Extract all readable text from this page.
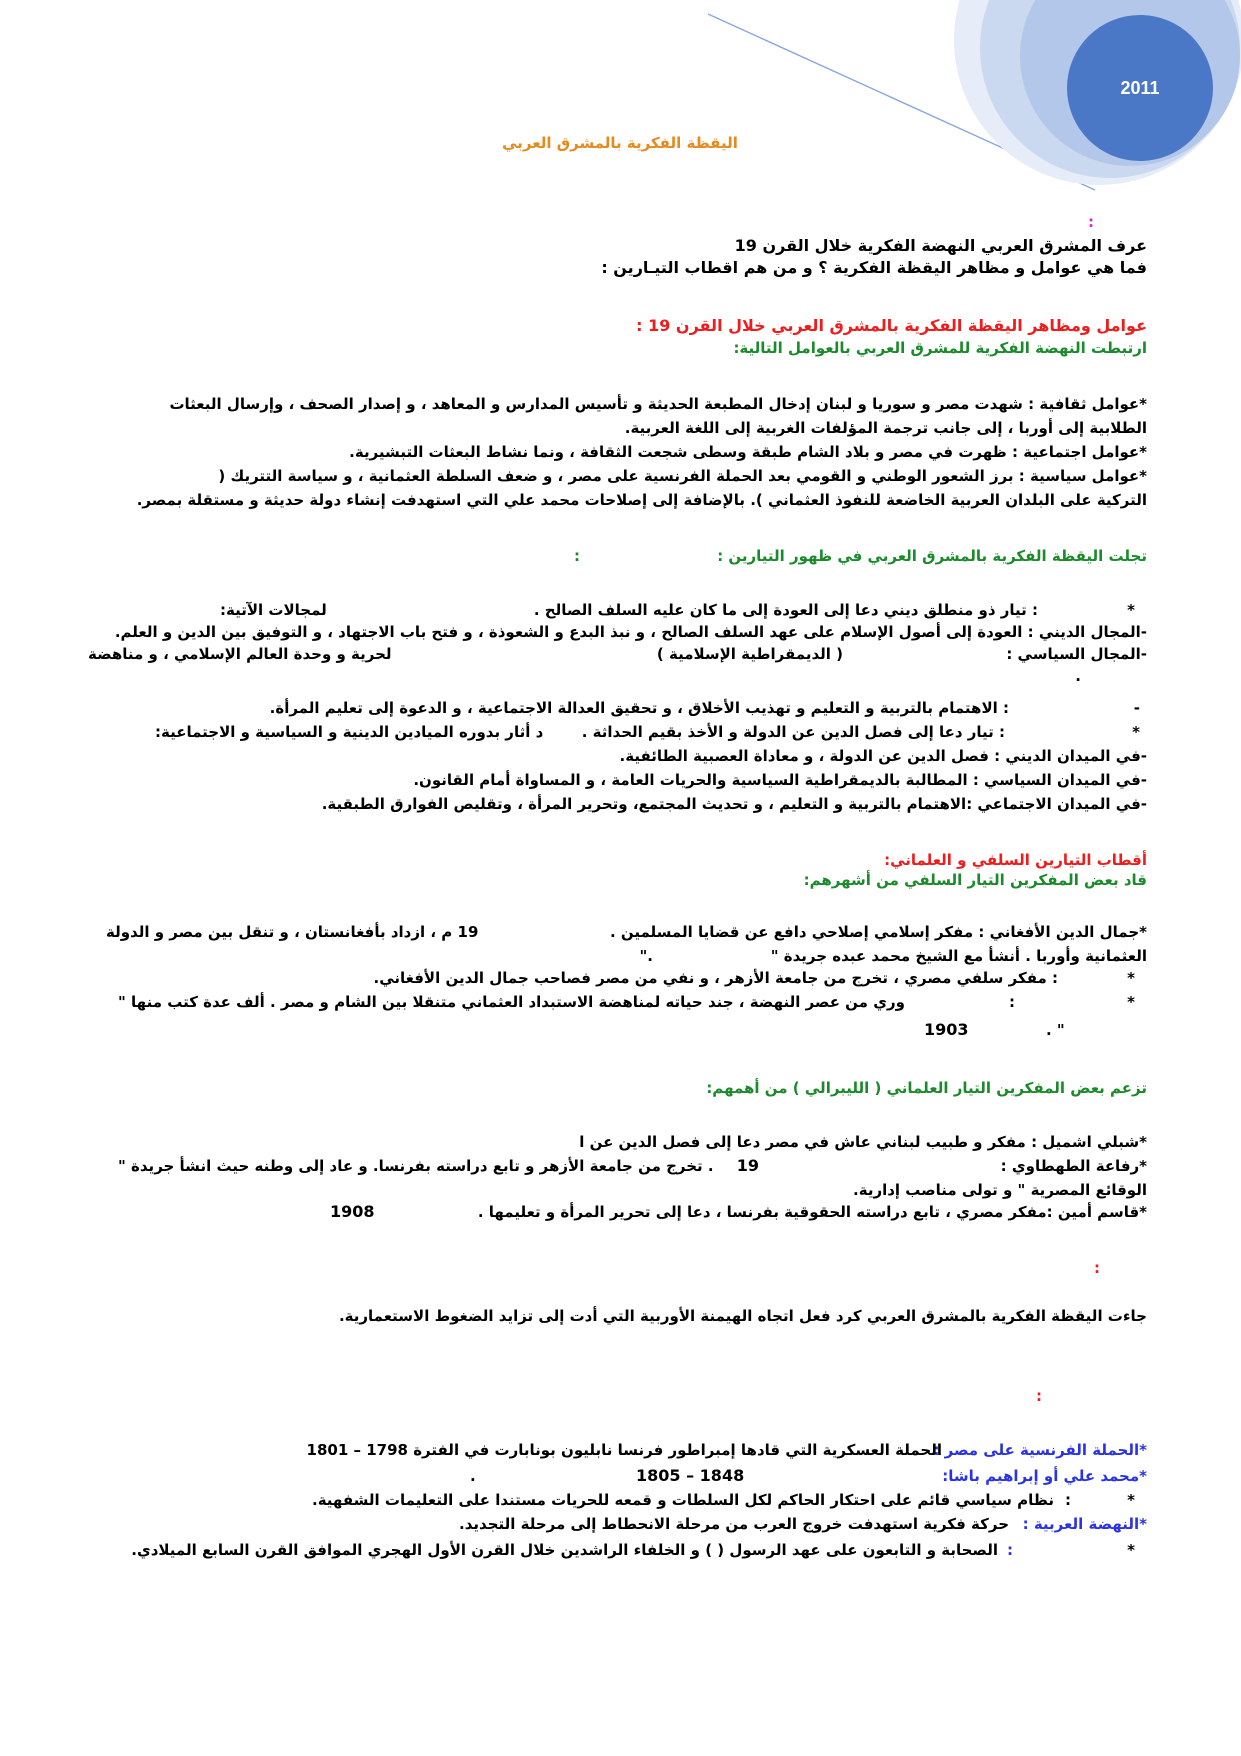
2011
اليقظة الفكرية بالمشرق العربي
:
عرف المشرق العربي النهضة الفكرية خلال القرن 19
فما هي عوامل و مظاهر اليقظة الفكرية ؟ و من هم اقطاب التيـارين :
عوامل ومظاهر اليقظة الفكرية بالمشرق العربي خلال القرن 19 :
ارتبطت النهضة الفكرية للمشرق العربي بالعوامل التالية:
*عوامل ثقافية : شهدت مصر و سوريا و لبنان إدخال المطبعة الحديثة و تأسيس المدارس و المعاهد ، و إصدار الصحف ، وإرسال البعثات
الطلابية إلى أوربا ، إلى جانب ترجمة المؤلفات الغربية إلى اللغة العربية.
*عوامل اجتماعية : ظهرت في مصر و بلاد الشام طبقة وسطى شجعت الثقافة ، ونما نشاط البعثات التبشيرية.
*عوامل سياسية : برز الشعور الوطني و القومي بعد الحملة الفرنسية على مصر ، و ضعف السلطة العثمانية ، و سياسة التتريك (
التركية على البلدان العربية الخاضعة للنفوذ العثماني ). بالإضافة إلى إصلاحات محمد علي التي استهدفت إنشاء دولة حديثة و مستقلة بمصر.
تجلت اليقظة الفكرية بالمشرق العربي في ظهور التيارين :
:
*
: تيار ذو منطلق ديني دعا إلى العودة إلى ما كان عليه السلف الصالح .
لمجالات الآتية:
-المجال الديني : العودة إلى أصول الإسلام على عهد السلف الصالح ، و نبذ البدع و الشعوذة ، و فتح باب الاجتهاد ، و التوفيق بين الدين و العلم.
-المجال السياسي :
( الديمقراطية الإسلامية )
لحرية و وحدة العالم الإسلامي ، و مناهضة
.
-
: الاهتمام بالتربية و التعليم و تهذيب الأخلاق ، و تحقيق العدالة الاجتماعية ، و الدعوة إلى تعليم المرأة.
*
: تيار دعا إلى فصل الدين عن الدولة و الأخذ بقيم الحداثة .
د أثار بدوره الميادين الدينية و السياسية و الاجتماعية:
-في الميدان الديني : فصل الدين عن الدولة ، و معاداة العصبية الطائفية.
-في الميدان السياسي : المطالبة بالديمقراطية السياسية والحريات العامة ، و المساواة أمام القانون.
-في الميدان الاجتماعي :الاهتمام بالتربية و التعليم ، و تحديث المجتمع، وتحرير المرأة ، وتقليص الفوارق الطبقية.
أقطاب التيارين السلفي و العلماني:
قاد بعض المفكرين التيار السلفي من أشهرهم:
*جمال الدين الأفغاني : مفكر إسلامي إصلاحي دافع عن قضايا المسلمين .
19 م ، ازداد بأفغانستان ، و تنقل بين مصر و الدولة
العثمانية وأوربا . أنشأ مع الشيخ محمد عبده جريدة "
".
*
: مفكر سلفي مصري ، تخرج من جامعة الأزهر ، و نفي من مصر فصاحب جمال الدين الأفغاني.
*
:
وري من عصر النهضة ، جند حياته لمناهضة الاستبداد العثماني متنقلا بين الشام و مصر . ألف عدة كتب منها "
1903	. "
تزعم بعض المفكرين التيار العلماني ( الليبرالي ) من أهمهم:
*شبلي اشميل : مفكر و طبيب لبناني عاش في مصر دعا إلى فصل الدين عن ا
*رفاعة الطهطاوي :
19
. تخرج من جامعة الأزهر و تابع دراسته بفرنسا. و عاد إلى وطنه حيث انشأ جريدة "
الوقائع المصرية " و تولى مناصب إدارية.
*قاسم أمين :مفكر مصري ، تابع دراسته الحقوقية بفرنسا ، دعا إلى تحرير المرأة و تعليمها .
1908
:
جاءت اليقظة الفكرية بالمشرق العربي كرد فعل اتجاه الهيمنة الأوربية التي أدت إلى تزايد الضغوط الاستعمارية.
:
*الحملة الفرنسية على مصر :
الحملة العسكرية التي قادها إمبراطور فرنسا نابليون بونابارت في الفترة 1798 – 1801
*محمد علي أو إبراهيم باشا:
1805 – 1848
.
*
:
نظام سياسي قائم على احتكار الحاكم لكل السلطات و قمعه للحريات مستندا على التعليمات الشفهية.
*النهضة العربية :
حركة فكرية استهدفت خروج العرب من مرحلة الانحطاط إلى مرحلة التجديد.
*
:
الصحابة و التابعون على عهد الرسول ( ) و الخلفاء الراشدين خلال القرن الأول الهجري الموافق القرن السابع الميلادي.
